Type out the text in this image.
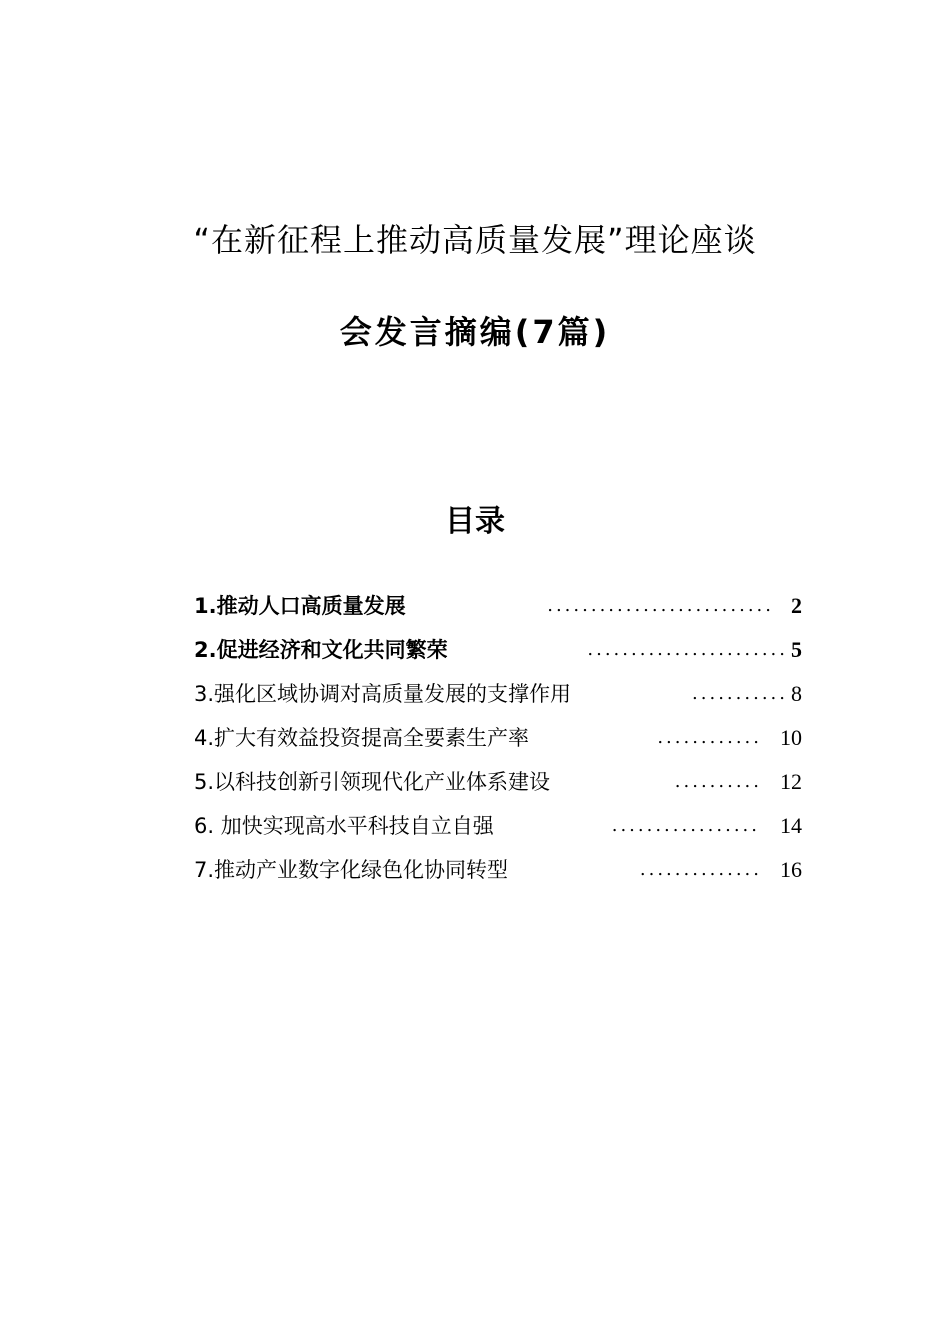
“在新征程上推动高质量发展”理论座谈
会发言摘编(7篇)
目录
1.推动人口高质量发展	.......................... 2
2.促进经济和文化共同繁荣	....................... 5
3.强化区域协调对高质量发展的支撑作用	........... 8
4.扩大有效益投资提高全要素生产率	............ 10
5.以科技创新引领现代化产业体系建设	.......... 12
6. 加快实现高水平科技自立自强	................. 14
7.推动产业数字化绿色化协同转型	.............. 16
